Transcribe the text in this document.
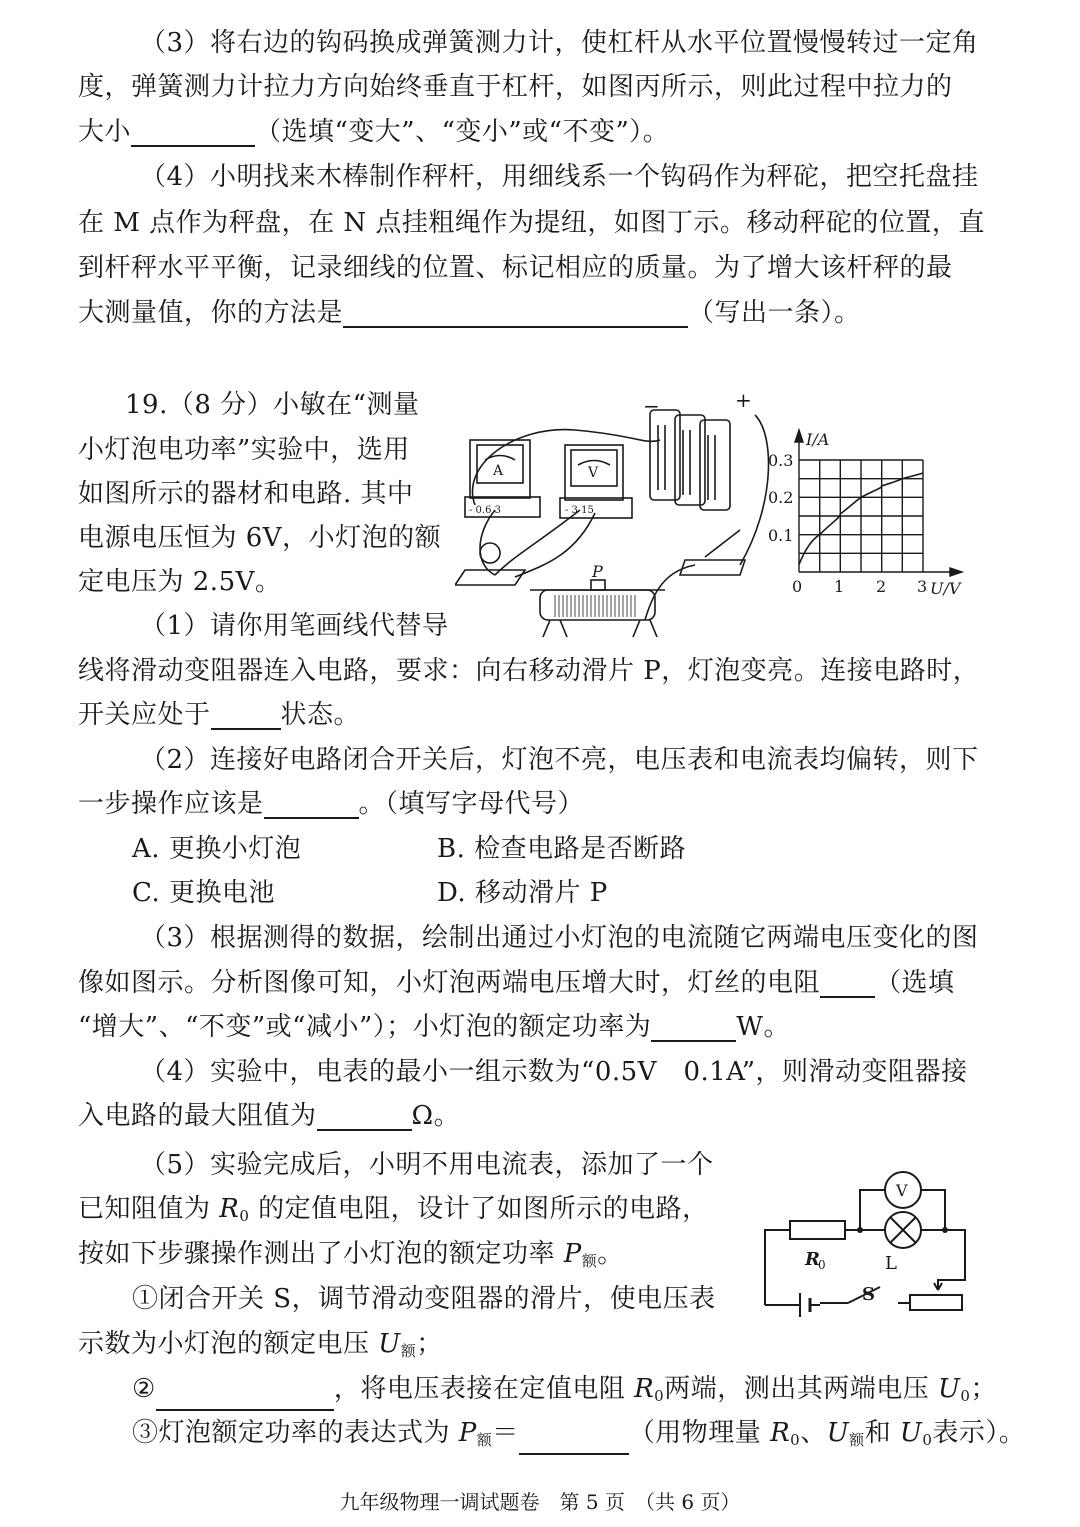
（3）将右边的钩码换成弹簧测力计，使杠杆从水平位置慢慢转过一定角
度，弹簧测力计拉力方向始终垂直于杠杆，如图丙所示，则此过程中拉力的
大小	（选填“变大”、“变小”或“不变”）。
（4）小明找来木棒制作秤杆，用细线系一个钩码作为秤砣，把空托盘挂
在 M 点作为秤盘，在 N 点挂粗绳作为提纽，如图丁示。移动秤砣的位置，直
到杆秤水平平衡，记录细线的位置、标记相应的质量。为了增大该杆秤的最
大测量值，你的方法是	（写出一条）。
19.（8 分）小敏在“测量
小灯泡电功率”实验中，选用
如图所示的器材和电路. 其中
电源电压恒为 6V，小灯泡的额
定电压为 2.5V。
（1）请你用笔画线代替导
A
- 0.6 3
V
- 3 15
−	+
P
I/A
0.3
0.2
0.1
0 1 2 3 U/V
线将滑动变阻器连入电路，要求：向右移动滑片 P，灯泡变亮。连接电路时，
开关应处于	状态。
（2）连接好电路闭合开关后，灯泡不亮，电压表和电流表均偏转，则下
一步操作应该是	。（填写字母代号）
A. 更换小灯泡	B. 检查电路是否断路
C. 更换电池	D. 移动滑片 P
（3）根据测得的数据，绘制出通过小灯泡的电流随它两端电压变化的图
像如图示。分析图像可知，小灯泡两端电压增大时，灯丝的电阻 （选填
“增大”、“不变”或“减小”）；小灯泡的额定功率为	W。
（4）实验中，电表的最小一组示数为“0.5V　0.1A”，则滑动变阻器接
入电路的最大阻值为	Ω。
（5）实验完成后，小明不用电流表，添加了一个
已知阻值为 $R_0$ 的定值电阻，设计了如图所示的电路，
按如下步骤操作测出了小灯泡的额定功率 $P_额$。
①闭合开关 S，调节滑动变阻器的滑片，使电压表
示数为小灯泡的额定电压 $U_额$；
②	，将电压表接在定值电阻 $R_0$两端，测出其两端电压 $U_0$；
③灯泡额定功率的表达式为 $P_额=$	（用物理量 $R_0$、$U_额$和 $U_0$表示）。
V
R
0	L
S
九年级物理一调试题卷　第 5 页　（共 6 页）
